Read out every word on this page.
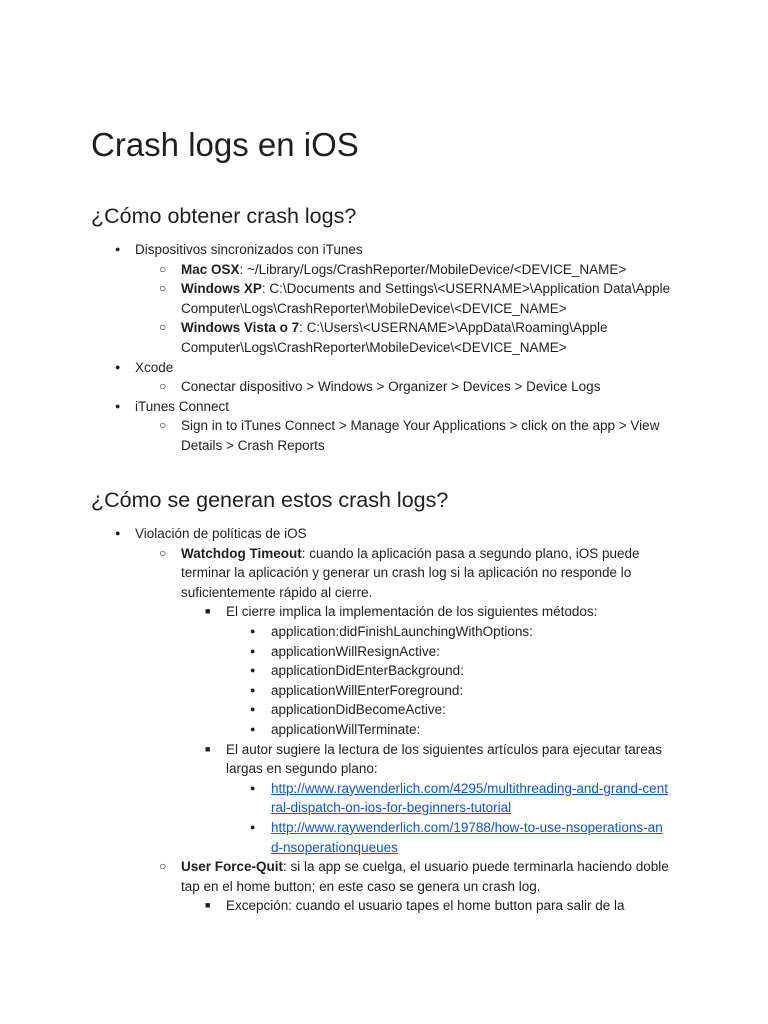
Crash logs en iOS
¿Cómo obtener crash logs?
● Dispositivos sincronizados con iTunes
○ Mac OSX: ~/Library/Logs/CrashReporter/MobileDevice/<DEVICE_NAME>
○ Windows XP: C:\Documents and Settings\<USERNAME>\Application Data\Apple Computer\Logs\CrashReporter\MobileDevice\<DEVICE_NAME>
○ Windows Vista o 7: C:\Users\<USERNAME>\AppData\Roaming\Apple Computer\Logs\CrashReporter\MobileDevice\<DEVICE_NAME>
● Xcode
○ Conectar dispositivo > Windows > Organizer > Devices > Device Logs
● iTunes Connect
○ Sign in to iTunes Connect > Manage Your Applications > click on the app > View Details > Crash Reports
¿Cómo se generan estos crash logs?
● Violación de políticas de iOS
○ Watchdog Timeout: cuando la aplicación pasa a segundo plano, iOS puede terminar la aplicación y generar un crash log si la aplicación no responde lo suficientemente rápido al cierre.
■ El cierre implica la implementación de los siguientes métodos:
● application:didFinishLaunchingWithOptions:
● applicationWillResignActive:
● applicationDidEnterBackground:
● applicationWillEnterForeground:
● applicationDidBecomeActive:
● applicationWillTerminate:
■ El autor sugiere la lectura de los siguientes artículos para ejecutar tareas largas en segundo plano:
● http://www.raywenderlich.com/4295/multithreading-and-grand-cent
ral-dispatch-on-ios-for-beginners-tutorial
● http://www.raywenderlich.com/19788/how-to-use-nsoperations-an
d-nsoperationqueues
○ User Force-Quit: si la app se cuelga, el usuario puede terminarla haciendo doble tap en el home button; en este caso se genera un crash log.
■ Excepción: cuando el usuario tapes el home button para salir de la
